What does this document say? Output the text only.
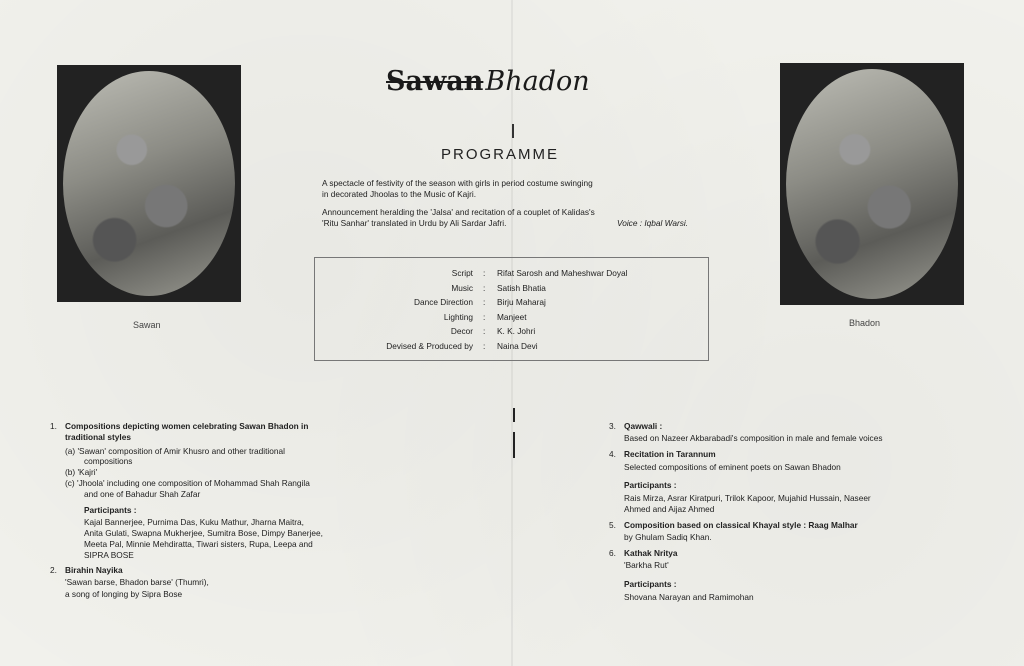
Sawan	Bhadon
SawanBhadon
PROGRAMME
A spectacle of festivity of the season with girls in period costume swinging
in decorated Jhoolas to the Music of Kajri.
Announcement heralding the 'Jalsa' and recitation of a couplet of Kalidas's
'Ritu Sanhar' translated in Urdu by Ali Sardar Jafri.	Voice : Iqbal Warsi.
Script : Rifat Sarosh and Maheshwar Doyal
Music : Satish Bhatia
Dance Direction : Birju Maharaj
Lighting : Manjeet
Decor : K. K. Johri
Devised & Produced by : Naina Devi
1. Compositions depicting women celebrating Sawan Bhadon in
traditional styles
(a) 'Sawan' composition of Amir Khusro and other traditional
compositions
(b) 'Kajri'
(c) 'Jhoola' including one composition of Mohammad Shah Rangila
and one of Bahadur Shah Zafar
Participants :
Kajal Bannerjee, Purnima Das, Kuku Mathur, Jharna Maitra,
Anita Gulati, Swapna Mukherjee, Sumitra Bose, Dimpy Banerjee,
Meeta Pal, Minnie Mehdiratta, Tiwari sisters, Rupa, Leepa and
SIPRA BOSE
2. Birahin Nayika
'Sawan barse, Bhadon barse' (Thumri),
a song of longing by Sipra Bose
3. Qawwali :
Based on Nazeer Akbarabadi's composition in male and female voices
4. Recitation in Tarannum
Selected compositions of eminent poets on Sawan Bhadon
Participants :
Rais Mirza, Asrar Kiratpuri, Trilok Kapoor, Mujahid Hussain, Naseer
Ahmed and Aijaz Ahmed
5. Composition based on classical Khayal style : Raag Malhar
by Ghulam Sadiq Khan.
6. Kathak Nritya
'Barkha Rut'
Participants :
Shovana Narayan and Ramimohan
